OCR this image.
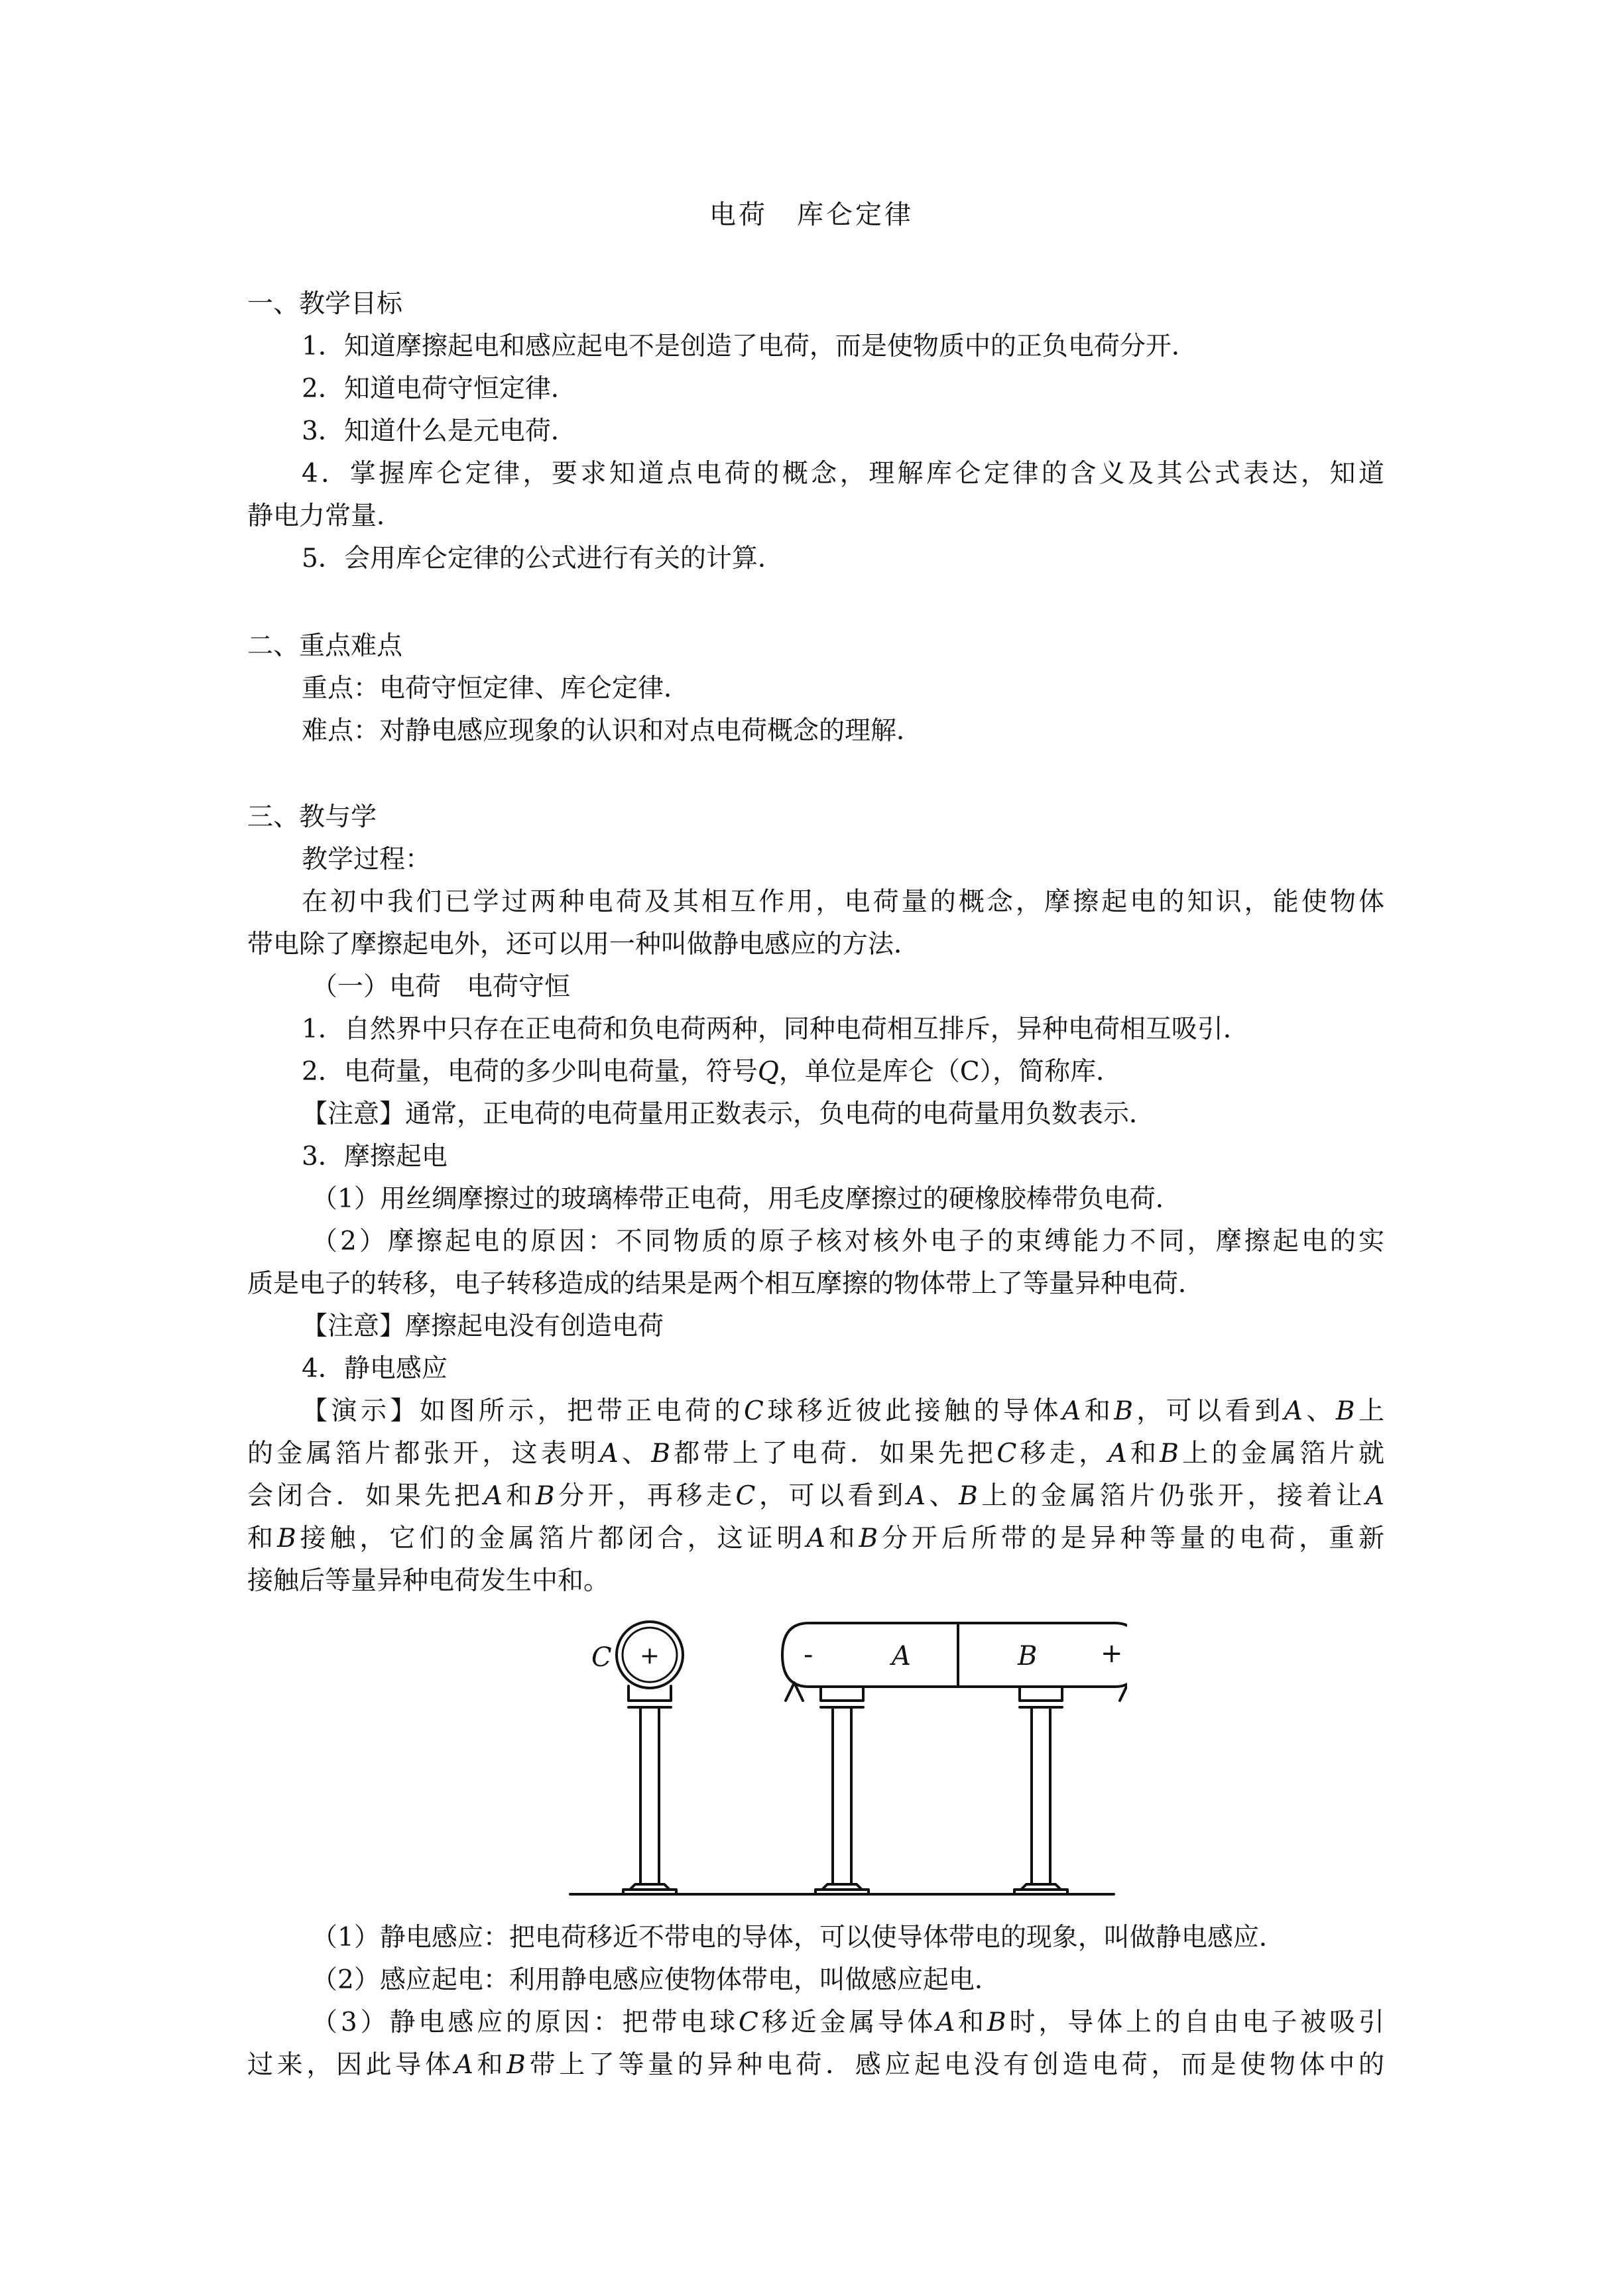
电荷　库仑定律
一、教学目标
1．知道摩擦起电和感应起电不是创造了电荷，而是使物质中的正负电荷分开．
2．知道电荷守恒定律．
3．知道什么是元电荷．
4．掌握库仑定律，要求知道点电荷的概念，理解库仑定律的含义及其公式表达，知道
静电力常量．
5．会用库仑定律的公式进行有关的计算．
二、重点难点
重点：电荷守恒定律、库仑定律．
难点：对静电感应现象的认识和对点电荷概念的理解．
三、教与学
教学过程：
在初中我们已学过两种电荷及其相互作用，电荷量的概念，摩擦起电的知识，能使物体
带电除了摩擦起电外，还可以用一种叫做静电感应的方法．
（一）电荷　电荷守恒
1．自然界中只存在正电荷和负电荷两种，同种电荷相互排斥，异种电荷相互吸引．
2．电荷量，电荷的多少叫电荷量，符号Q，单位是库仑（C），简称库．
【注意】通常，正电荷的电荷量用正数表示，负电荷的电荷量用负数表示．
3．摩擦起电
（1）用丝绸摩擦过的玻璃棒带正电荷，用毛皮摩擦过的硬橡胶棒带负电荷．
（2）摩擦起电的原因：不同物质的原子核对核外电子的束缚能力不同，摩擦起电的实
质是电子的转移，电子转移造成的结果是两个相互摩擦的物体带上了等量异种电荷．
【注意】摩擦起电没有创造电荷
4．静电感应
【演示】如图所示，把带正电荷的C球移近彼此接触的导体A和B，可以看到A、B上
的金属箔片都张开，这表明A、B都带上了电荷．如果先把C移走，A和B上的金属箔片就
会闭合．如果先把A和B分开，再移走C，可以看到A、B上的金属箔片仍张开，接着让A
和B接触，它们的金属箔片都闭合，这证明A和B分开后所带的是异种等量的电荷，重新
接触后等量异种电荷发生中和。
+
C	-	A	B +
（1）静电感应：把电荷移近不带电的导体，可以使导体带电的现象，叫做静电感应．
（2）感应起电：利用静电感应使物体带电，叫做感应起电．
（3）静电感应的原因：把带电球C移近金属导体A和B时，导体上的自由电子被吸引
过来，因此导体A和B带上了等量的异种电荷．感应起电没有创造电荷，而是使物体中的
